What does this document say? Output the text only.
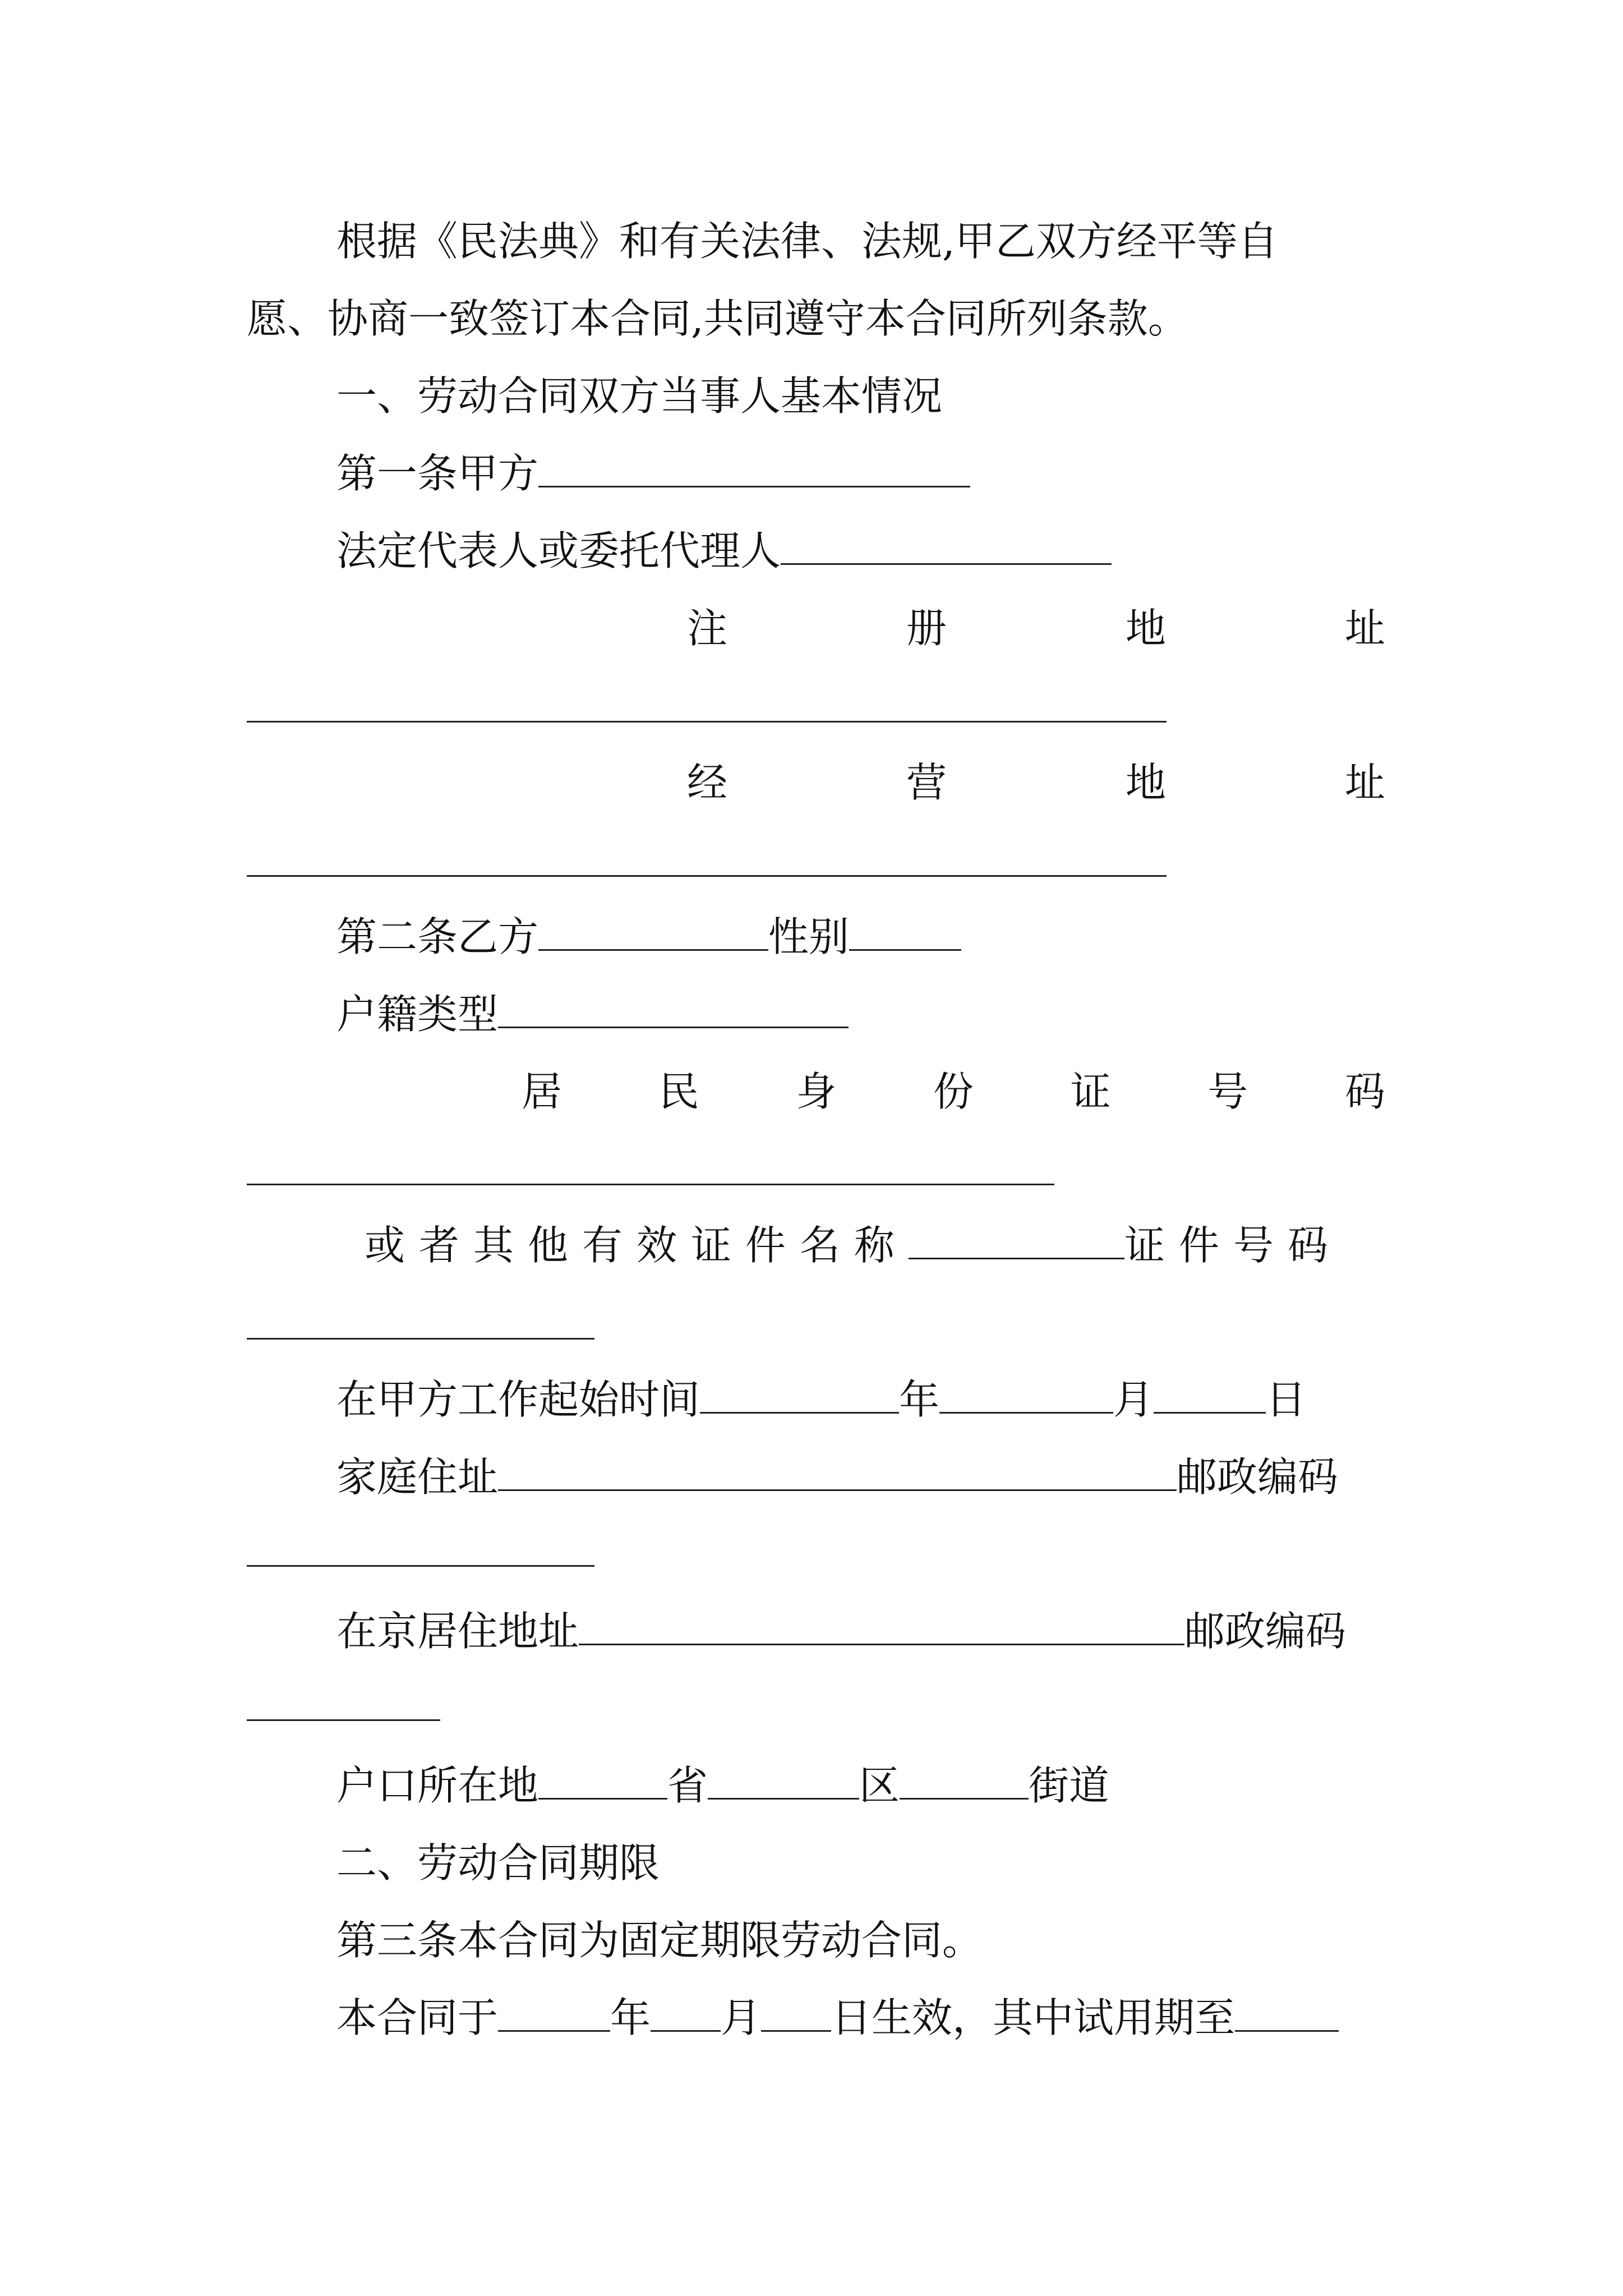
根据《民法典》和有关法律、法规,甲乙双方经平等自
愿、协商一致签订本合同,共同遵守本合同所列条款。
一、劳动合同双方当事人基本情况
第一条甲方
法定代表人或委托代理人
注	册	地	址
经	营	地	址
第二条乙方	性别
户籍类型
居 民 身 份 证 号 码
或者其他有效证件名称	证件号码
在甲方工作起始时间	年	月	日
家庭住址	邮政编码
在京居住地址	邮政编码
户口所在地	省	区	街道
二、劳动合同期限
第三条本合同为固定期限劳动合同。
本合同于	年 月 日生效，其中试用期至
